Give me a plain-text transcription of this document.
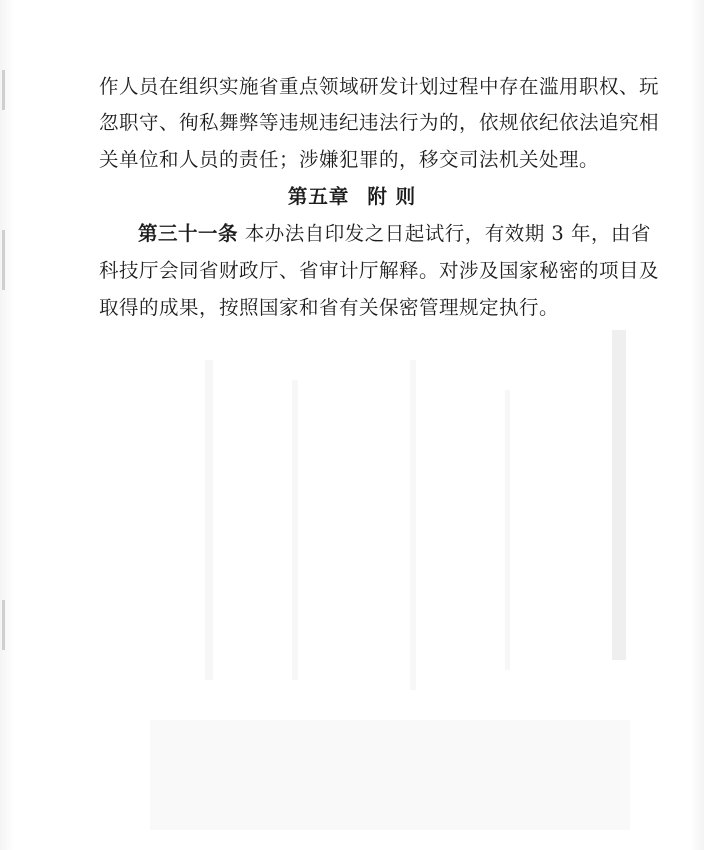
作人员在组织实施省重点领域研发计划过程中存在滥用职权、玩
忽职守、徇私舞弊等违规违纪违法行为的，依规依纪依法追究相
关单位和人员的责任；涉嫌犯罪的，移交司法机关处理。
第五章 附 则
第三十一条 本办法自印发之日起试行，有效期 3 年，由省
科技厅会同省财政厅、省审计厅解释。对涉及国家秘密的项目及
取得的成果，按照国家和省有关保密管理规定执行。
